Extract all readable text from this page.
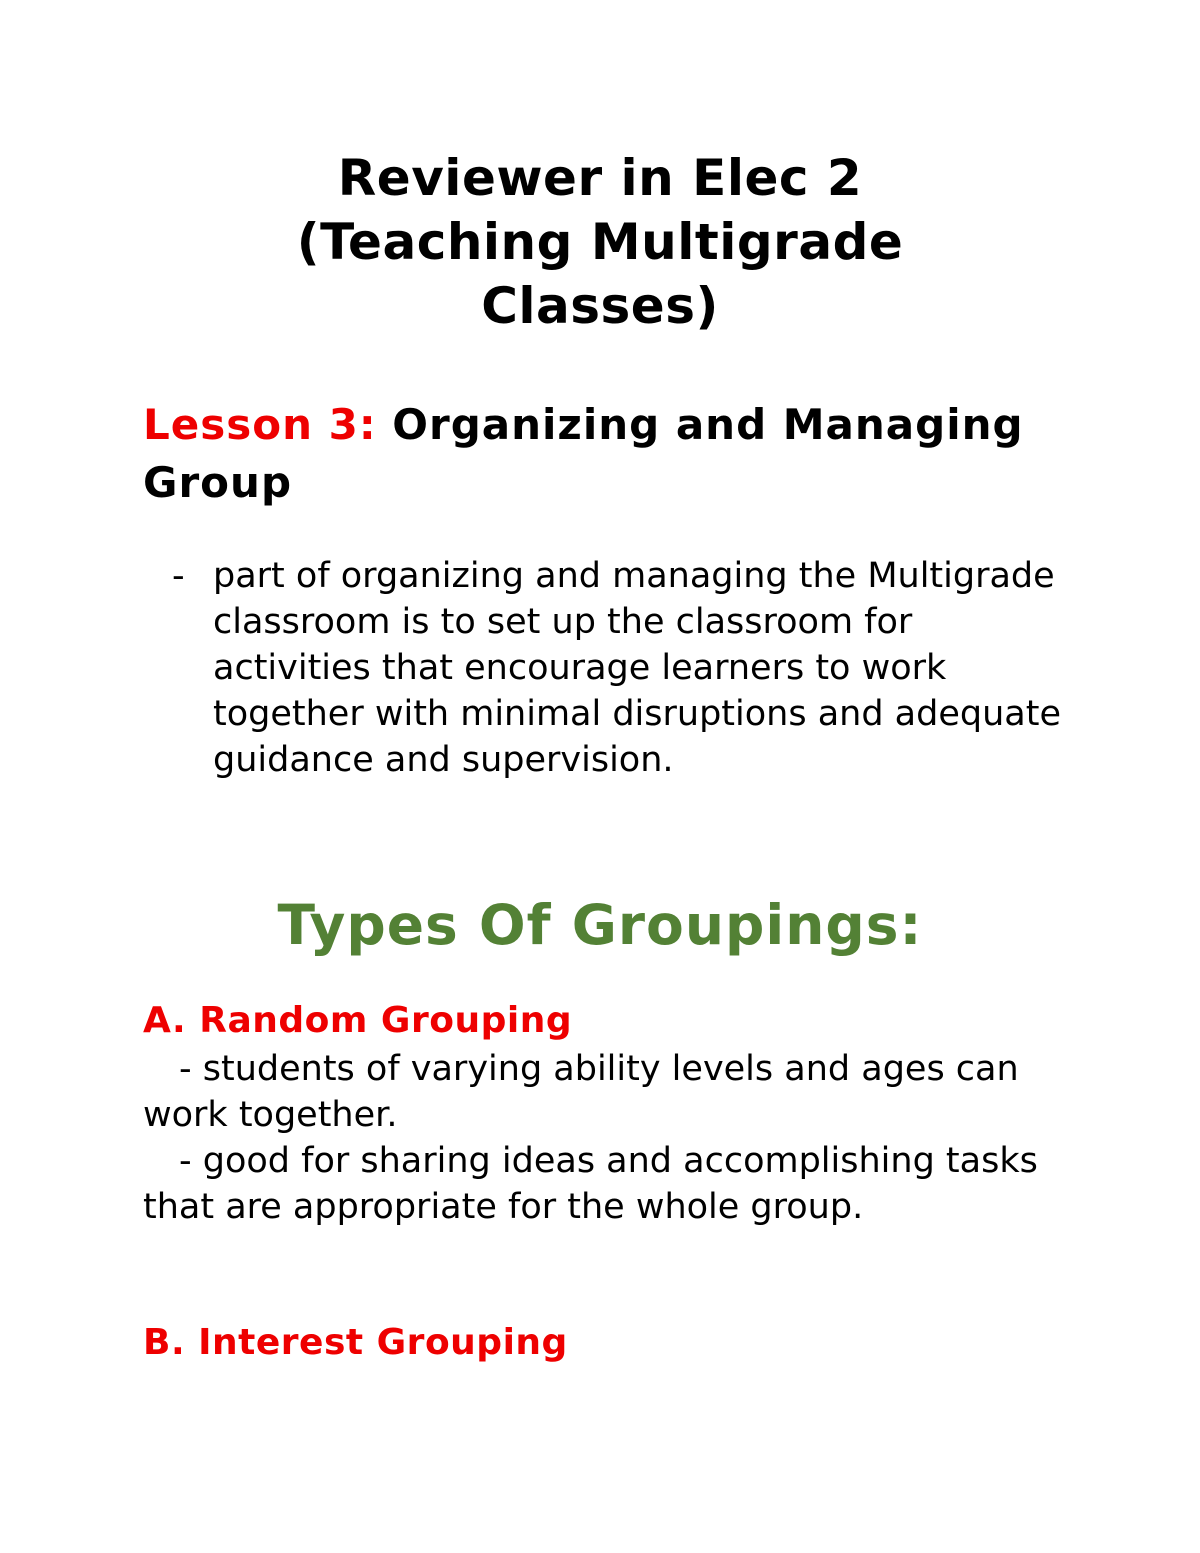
Reviewer in Elec 2
(Teaching Multigrade
Classes)
Lesson 3: Organizing and Managing Group
- part of organizing and managing the Multigrade classroom is to set up the classroom for activities that encourage learners to work together with minimal disruptions and adequate guidance and supervision.
Types Of Groupings:
A. Random Grouping

- students of varying ability levels and ages can work together.

- good for sharing ideas and accomplishing tasks that are appropriate for the whole group.

B. Interest Grouping
